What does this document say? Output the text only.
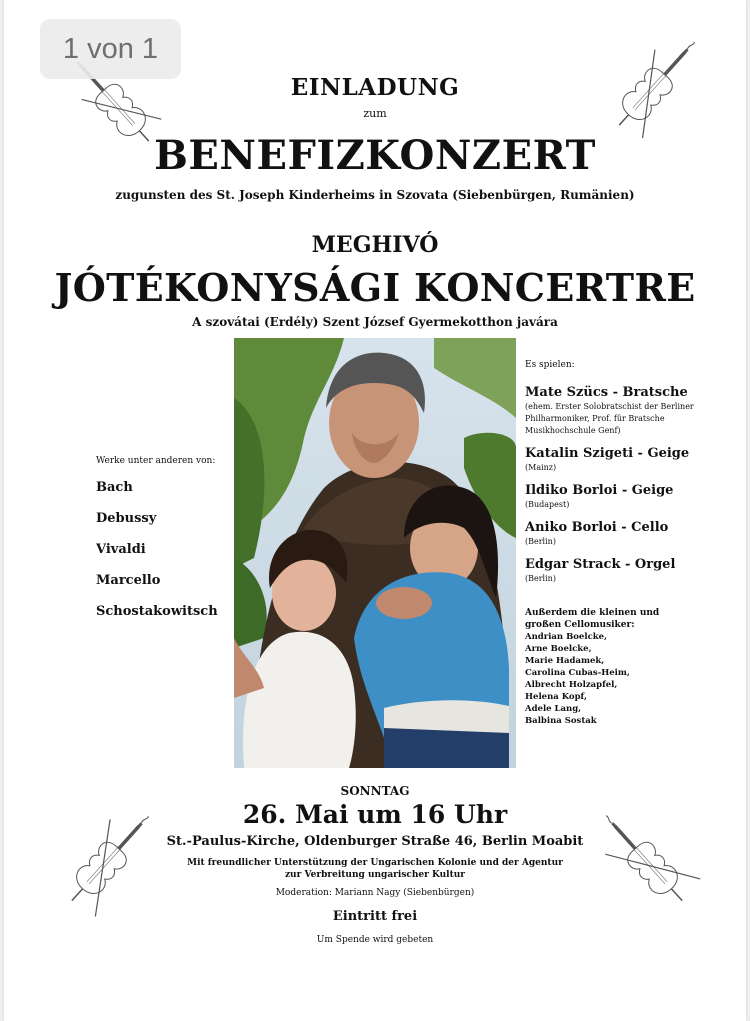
1 von 1
EINLADUNG
zum
BENEFIZKONZERT
zugunsten des St. Joseph Kinderheims in Szovata (Siebenbürgen, Rumänien)
MEGHIVÓ
JÓTÉKONYSÁGI KONCERTRE
A szovátai (Erdély) Szent József Gyermekotthon javára
Werke unter anderen von:
Bach
Debussy
Vivaldi
Marcello
Schostakowitsch
Es spielen:
Mate Szücs - Bratsche
(ehem. Erster Solobratschist der Berliner Philharmoniker, Prof. für Bratsche Musikhochschule Genf)
Katalin Szigeti - Geige
(Mainz)
Ildiko Borloi - Geige
(Budapest)
Aniko Borloi - Cello
(Berlin)
Edgar Strack - Orgel
(Berlin)
Außerdem die kleinen und großen Cellomusiker:
Andrian Boelcke,
Arne Boelcke,
Marie Hadamek,
Carolina Cubas-Heim,
Albrecht Holzapfel,
Helena Kopf,
Adele Lang,
Balbina Sostak
SONNTAG
26. Mai um 16 Uhr
St.-Paulus-Kirche, Oldenburger Straße 46, Berlin Moabit
Mit freundlicher Unterstützung der Ungarischen Kolonie und der Agentur zur Verbreitung ungarischer Kultur
Moderation: Mariann Nagy (Siebenbürgen)
Eintritt frei
Um Spende wird gebeten
